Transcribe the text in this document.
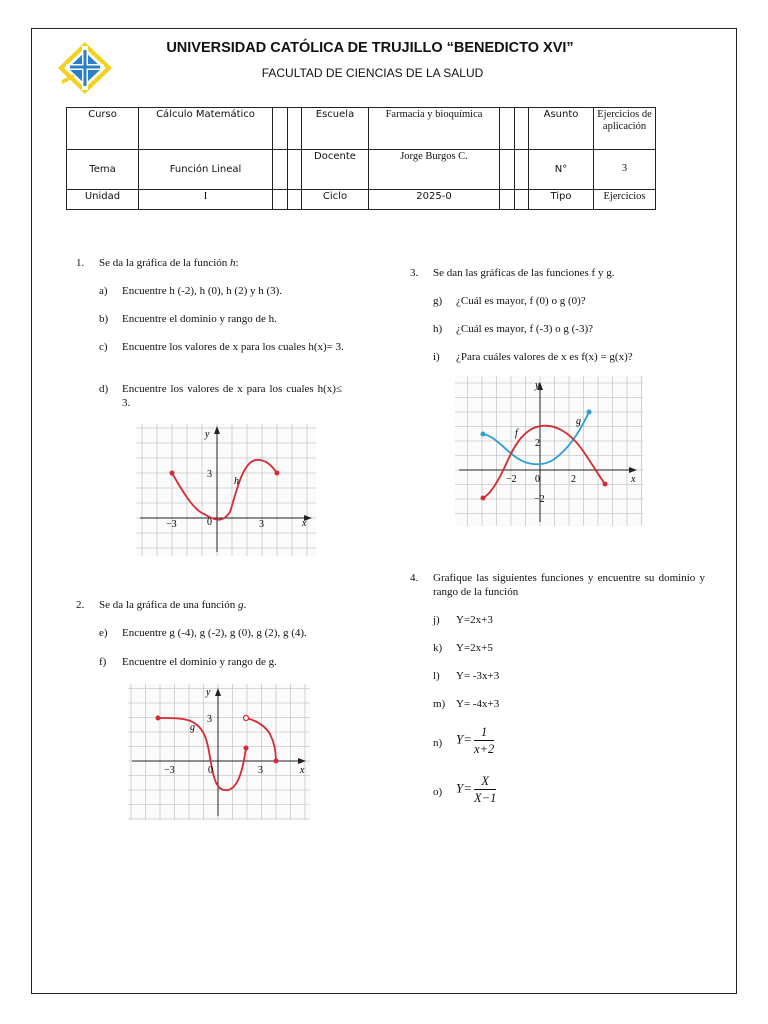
UNIVERSIDAD CATÓLICA DE TRUJILLO “BENEDICTO XVI”
FACULTAD DE CIENCIAS DE LA SALUD
Curso	Cálculo Matemático			Escuela	Farmacia y bioquímica			Asunto	Ejercicios de aplicación
Tema	Función Lineal			Docente	Jorge Burgos C.			N°	3
Unidad	I			Ciclo	2025-0			Tipo	Ejercicios
1. Se da la gráfica de la función h:
a) Encuentre h (-2), h (0), h (2) y h (3).
b) Encuentre el dominio y rango de h.
c) Encuentre los valores de x para los cuales h(x)= 3.
d) Encuentre los valores de x para los cuales h(x)≤ 3.
x
y
−3	3
3
0
h
2. Se da la gráfica de una función g.
e) Encuentre g (-4), g (-2), g (0), g (2), g (4).
f) Encuentre el dominio y rango de g.
x
y
−3	3
3
0
g
3. Se dan las gráficas de las funciones f y g.
g) ¿Cuál es mayor, f (0) o g (0)?
h) ¿Cuál es mayor, f (-3) o g (-3)?
i) ¿Para cuáles valores de x es f(x) = g(x)?
x
y
−2	2
2
−2
0
f
g
4. Grafique las siguientes funciones y encuentre su dominio y rango de la función
j) Y=2x+3
k) Y=2x+5
l) Y= -3x+3
m) Y= -4x+3
n) $Y= \frac{1}{x+2}$
o) $Y= \frac{X}{X-1}$
